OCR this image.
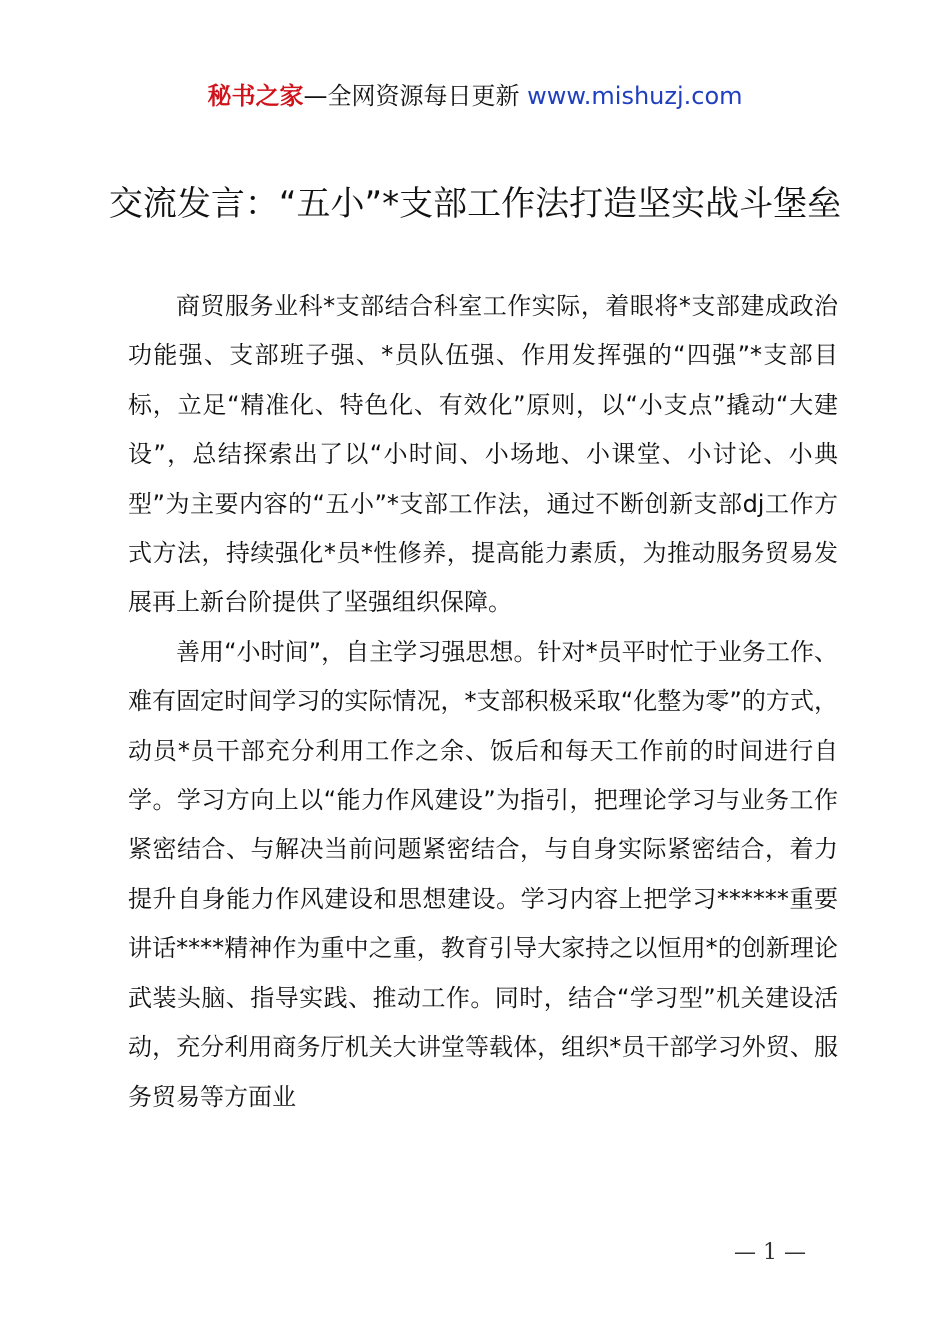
秘书之家—全网资源每日更新 www.mishuzj.com
交流发言：“五小”*支部工作法打造坚实战斗堡垒

商贸服务业科*支部结合科室工作实际，着眼将*支部建成政治功能强、支部班子强、*员队伍强、作用发挥强的“四强”*支部目标，立足“精准化、特色化、有效化”原则，以“小支点”撬动“大建设”，总结探索出了以“小时间、小场地、小课堂、小讨论、小典型”为主要内容的“五小”*支部工作法，通过不断创新支部dj工作方式方法，持续强化*员*性修养，提高能力素质，为推动服务贸易发展再上新台阶提供了坚强组织保障。

善用“小时间”，自主学习强思想。针对*员平时忙于业务工作、难有固定时间学习的实际情况，*支部积极采取“化整为零”的方式，动员*员干部充分利用工作之余、饭后和每天工作前的时间进行自学。学习方向上以“能力作风建设”为指引，把理论学习与业务工作紧密结合、与解决当前问题紧密结合，与自身实际紧密结合，着力提升自身能力作风建设和思想建设。学习内容上把学习******重要讲话****精神作为重中之重，教育引导大家持之以恒用*的创新理论武装头脑、指导实践、推动工作。同时，结合“学习型”机关建设活动，充分利用商务厅机关大讲堂等载体，组织*员干部学习外贸、服务贸易等方面业

— 1 —
